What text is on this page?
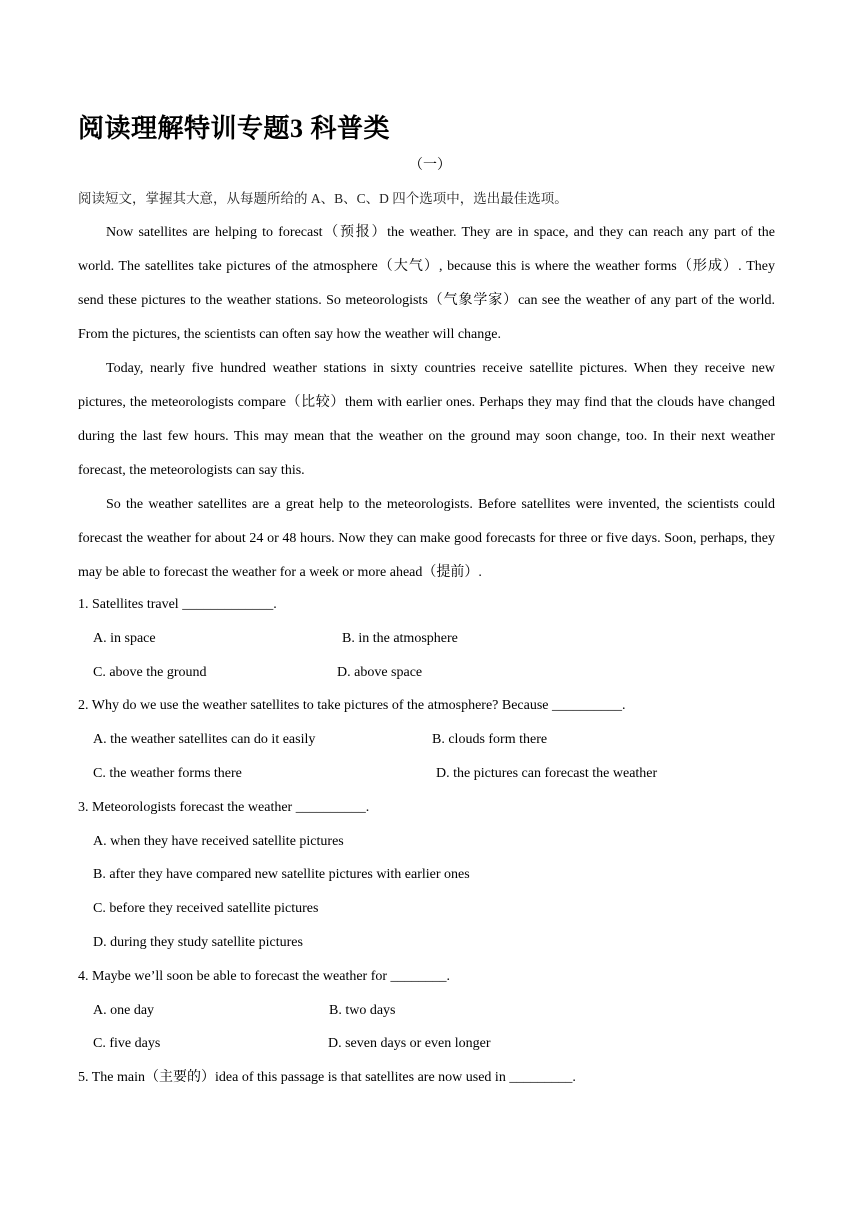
阅读理解特训专题3 科普类
（一）
阅读短文，掌握其大意，从每题所给的 A、B、C、D 四个选项中，选出最佳选项。

Now satellites are helping to forecast（预报）the weather. They are in space, and they can reach any part of the world. The satellites take pictures of the atmosphere（大气）, because this is where the weather forms（形成）. They send these pictures to the weather stations. So meteorologists（气象学家）can see the weather of any part of the world. From the pictures, the scientists can often say how the weather will change.

Today, nearly five hundred weather stations in sixty countries receive satellite pictures. When they receive new pictures, the meteorologists compare（比较）them with earlier ones. Perhaps they may find that the clouds have changed during the last few hours. This may mean that the weather on the ground may soon change, too. In their next weather forecast, the meteorologists can say this.

So the weather satellites are a great help to the meteorologists. Before satellites were invented, the scientists could forecast the weather for about 24 or 48 hours. Now they can make good forecasts for three or five days. Soon, perhaps, they may be able to forecast the weather for a week or more ahead（提前）.

1. Satellites travel _____________.
A. in space	B. in the atmosphere
C. above the ground	D. above space
2. Why do we use the weather satellites to take pictures of the atmosphere? Because __________.
A. the weather satellites can do it easily	B. clouds form there
C. the weather forms there	D. the pictures can forecast the weather
3. Meteorologists forecast the weather __________.
A. when they have received satellite pictures
B. after they have compared new satellite pictures with earlier ones
C. before they received satellite pictures
D. during they study satellite pictures
4. Maybe we’ll soon be able to forecast the weather for ________.
A. one day	B. two days
C. five days	D. seven days or even longer
5. The main（主要的）idea of this passage is that satellites are now used in _________.
